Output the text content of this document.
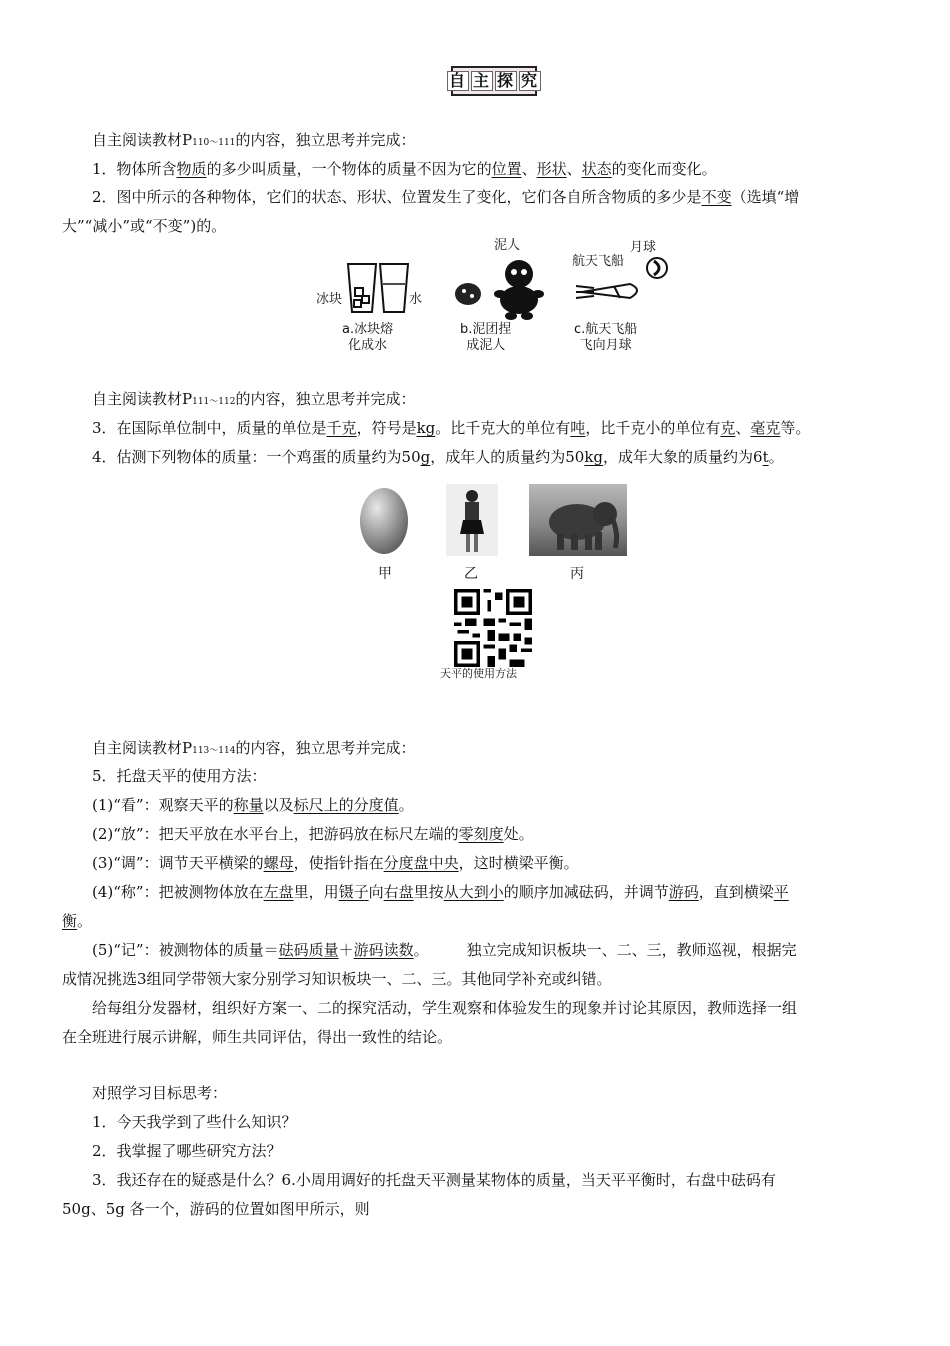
自 主 探 究
自主阅读教材P110～111的内容，独立思考并完成：
1．物体所含物质的多少叫质量，一个物体的质量不因为它的位置、形状、状态的变化而变化。
2．图中所示的各种物体，它们的状态、形状、位置发生了变化，它们各自所含物质的多少是不变（选填“增
大”“减小”或“不变”)的。
冰块	水
泥人
航天飞船
月球
a.冰块熔
化成水
b.泥团捏
成泥人
c.航天飞船
飞向月球
自主阅读教材P111～112的内容，独立思考并完成：
3．在国际单位制中，质量的单位是千克，符号是kg。比千克大的单位有吨，比千克小的单位有克、毫克等。
4．估测下列物体的质量：一个鸡蛋的质量约为50g，成年人的质量约为50kg，成年大象的质量约为6t。
甲	乙	丙
天平的使用方法
自主阅读教材P113～114的内容，独立思考并完成：
5．托盘天平的使用方法：
(1)“看”：观察天平的称量以及标尺上的分度值。
(2)“放”：把天平放在水平台上，把游码放在标尺左端的零刻度处。
(3)“调”：调节天平横梁的螺母，使指针指在分度盘中央，这时横梁平衡。
(4)“称”：把被测物体放在左盘里，用镊子向右盘里按从大到小的顺序加减砝码，并调节游码，直到横梁平
衡。
(5)“记”：被测物体的质量＝砝码质量＋游码读数。	独立完成知识板块一、二、三，教师巡视，根据完
成情况挑选3组同学带领大家分别学习知识板块一、二、三。其他同学补充或纠错。
给每组分发器材，组织好方案一、二的探究活动，学生观察和体验发生的现象并讨论其原因，教师选择一组
在全班进行展示讲解，师生共同评估，得出一致性的结论。
对照学习目标思考：
1．今天我学到了些什么知识？
2．我掌握了哪些研究方法？
3．我还存在的疑惑是什么？6.小周用调好的托盘天平测量某物体的质量，当天平平衡时，右盘中砝码有
50g、5g 各一个，游码的位置如图甲所示，则
